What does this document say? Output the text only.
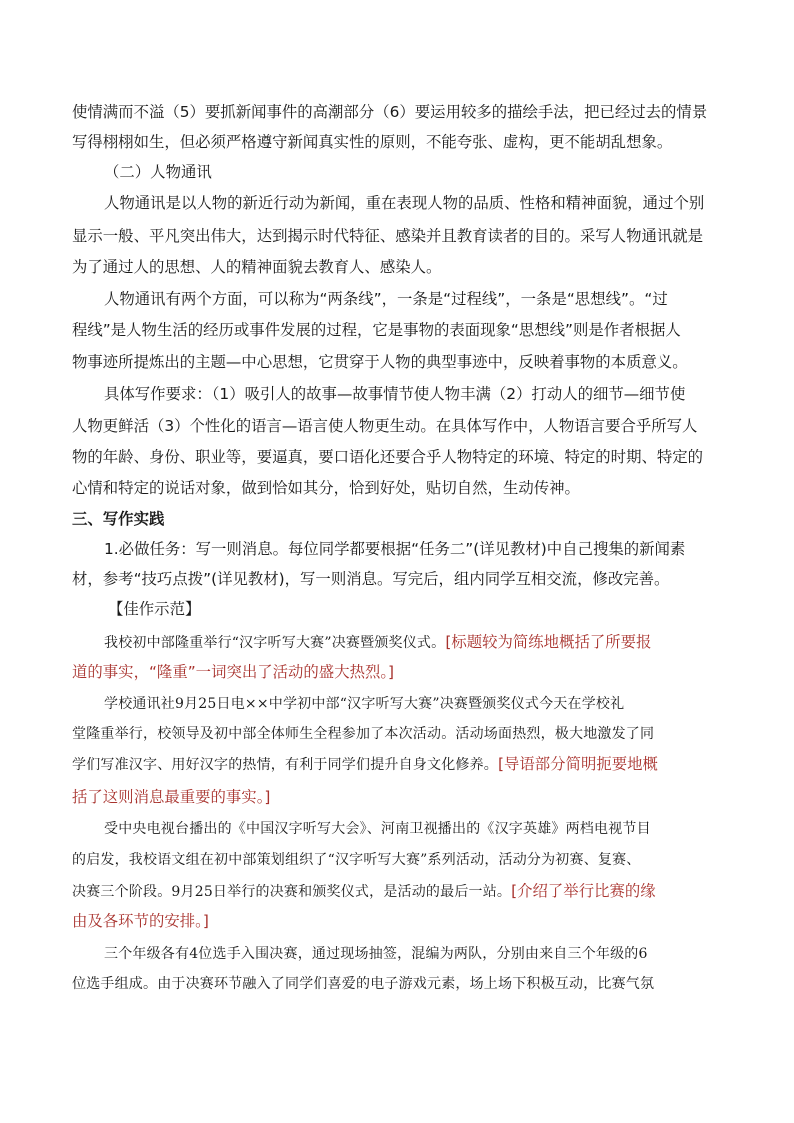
使情满而不溢（5）要抓新闻事件的高潮部分（6）要运用较多的描绘手法，把已经过去的情景
写得栩栩如生，但必须严格遵守新闻真实性的原则，不能夸张、虚构，更不能胡乱想象。
（二）人物通讯
人物通讯是以人物的新近行动为新闻，重在表现人物的品质、性格和精神面貌，通过个别
显示一般、平凡突出伟大，达到揭示时代特征、感染并且教育读者的目的。采写人物通讯就是
为了通过人的思想、人的精神面貌去教育人、感染人。
人物通讯有两个方面，可以称为“两条线”，一条是“过程线”，一条是“思想线”。“过
程线”是人物生活的经历或事件发展的过程，它是事物的表面现象“思想线”则是作者根据人
物事迹所提炼出的主题—中心思想，它贯穿于人物的典型事迹中，反映着事物的本质意义。
具体写作要求：（1）吸引人的故事—故事情节使人物丰满（2）打动人的细节—细节使
人物更鲜活（3）个性化的语言—语言使人物更生动。在具体写作中，人物语言要合乎所写人
物的年龄、身份、职业等，要逼真，要口语化还要合乎人物特定的环境、特定的时期、特定的
心情和特定的说话对象，做到恰如其分，恰到好处，贴切自然，生动传神。
三、写作实践
1.必做任务：写一则消息。每位同学都要根据“任务二”(详见教材)中自己搜集的新闻素
材，参考“技巧点拨”(详见教材)，写一则消息。写完后，组内同学互相交流，修改完善。
【佳作示范】
我校初中部隆重举行“汉字听写大赛”决赛暨颁奖仪式。[标题较为简练地概括了所要报
道的事实，“隆重”一词突出了活动的盛大热烈。]
学校通讯社9月25日电××中学初中部“汉字听写大赛”决赛暨颁奖仪式今天在学校礼
堂隆重举行，校领导及初中部全体师生全程参加了本次活动。活动场面热烈，极大地激发了同
学们写准汉字、用好汉字的热情，有利于同学们提升自身文化修养。[导语部分简明扼要地概
括了这则消息最重要的事实。]
受中央电视台播出的《中国汉字听写大会》、河南卫视播出的《汉字英雄》两档电视节目
的启发，我校语文组在初中部策划组织了“汉字听写大赛”系列活动，活动分为初赛、复赛、
决赛三个阶段。9月25日举行的决赛和颁奖仪式，是活动的最后一站。[介绍了举行比赛的缘
由及各环节的安排。]
三个年级各有4位选手入围决赛，通过现场抽签，混编为两队，分别由来自三个年级的6
位选手组成。由于决赛环节融入了同学们喜爱的电子游戏元素，场上场下积极互动，比赛气氛
